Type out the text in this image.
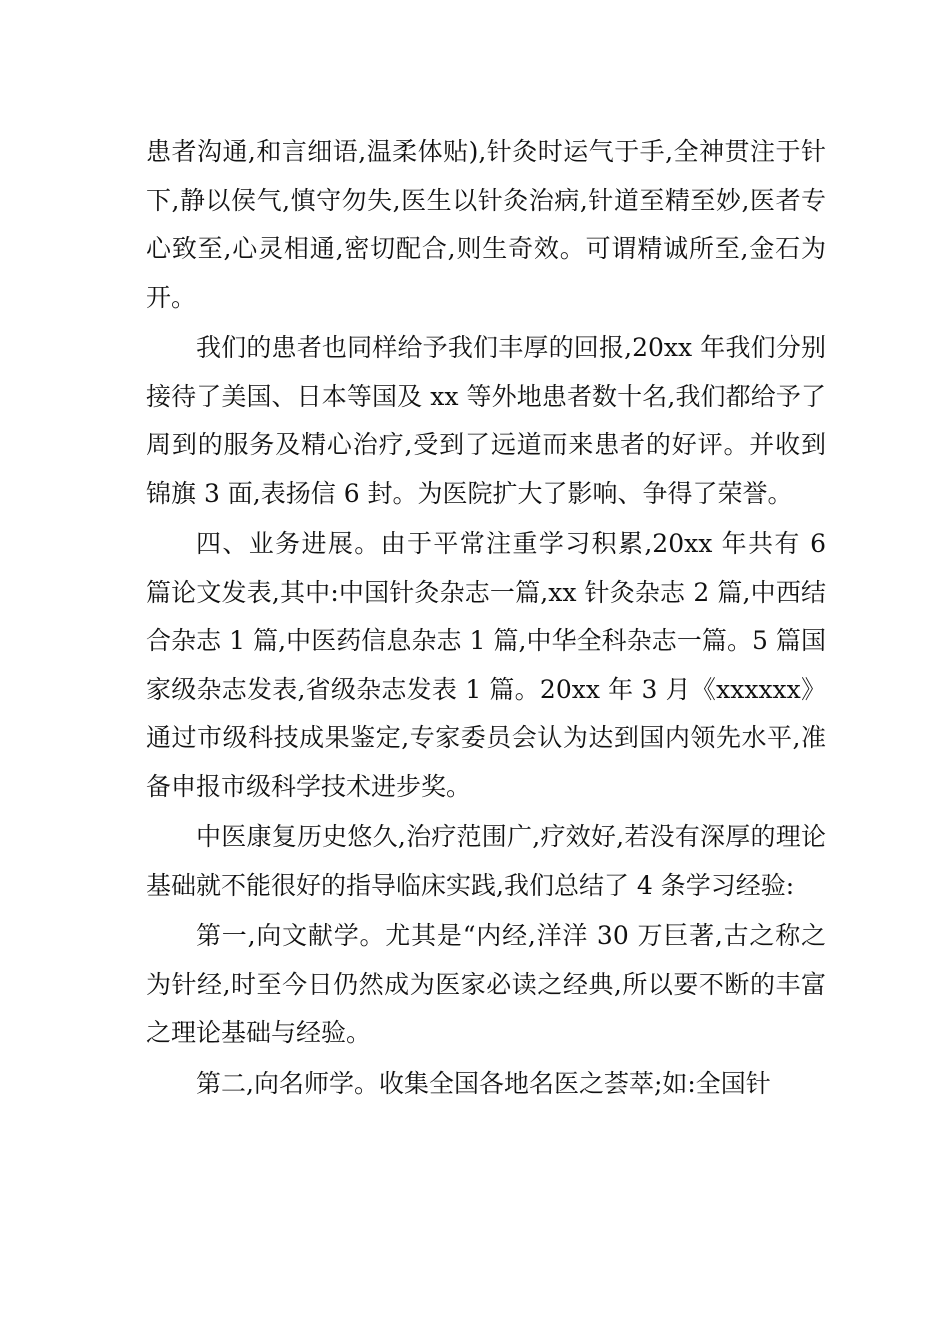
患者沟通,和言细语,温柔体贴),针灸时运气于手,全神贯注于针下,静以侯气,慎守勿失,医生以针灸治病,针道至精至妙,医者专心致至,心灵相通,密切配合,则生奇效。可谓精诚所至,金石为开。

我们的患者也同样给予我们丰厚的回报,20xx 年我们分别接待了美国、日本等国及 xx 等外地患者数十名,我们都给予了周到的服务及精心治疗,受到了远道而来患者的好评。并收到锦旗 3 面,表扬信 6 封。为医院扩大了影响、争得了荣誉。

四、业务进展。由于平常注重学习积累,20xx 年共有 6 篇论文发表,其中:中国针灸杂志一篇,xx 针灸杂志 2 篇,中西结合杂志 1 篇,中医药信息杂志 1 篇,中华全科杂志一篇。5 篇国家级杂志发表,省级杂志发表 1 篇。20xx 年 3 月《xxxxxx》通过市级科技成果鉴定,专家委员会认为达到国内领先水平,准备申报市级科学技术进步奖。

中医康复历史悠久,治疗范围广,疗效好,若没有深厚的理论基础就不能很好的指导临床实践,我们总结了 4 条学习经验:

第一,向文献学。尤其是“内经,洋洋 30 万巨著,古之称之为针经,时至今日仍然成为医家必读之经典,所以要不断的丰富之理论基础与经验。

第二,向名师学。收集全国各地名医之荟萃;如:全国针
